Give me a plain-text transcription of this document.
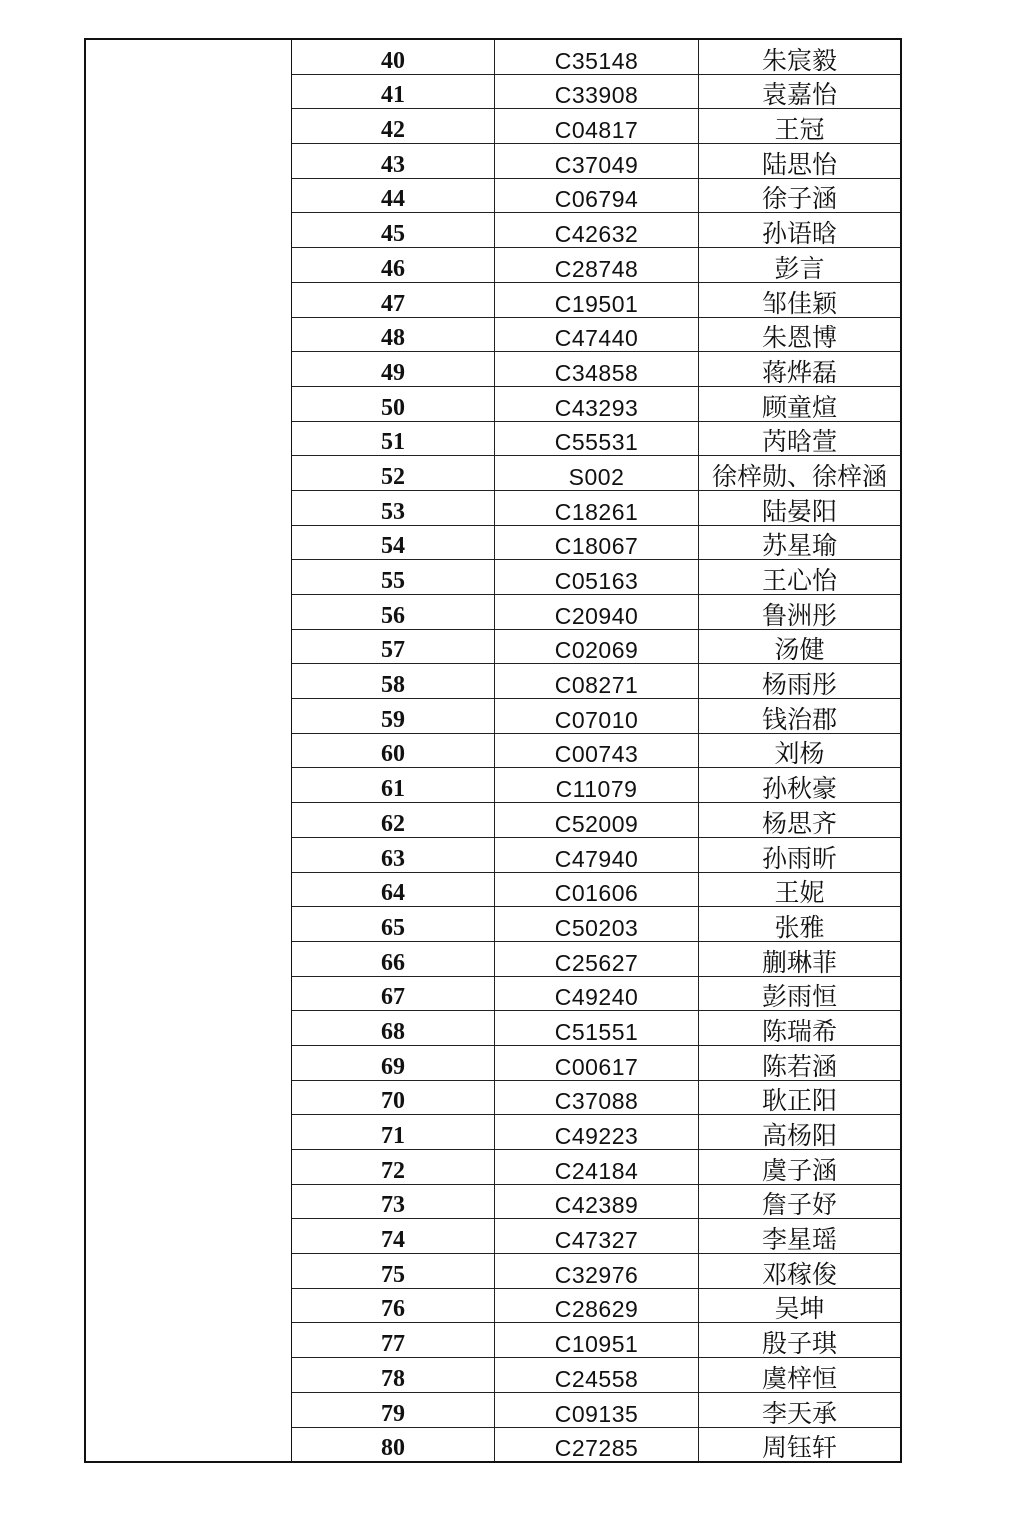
40	C35148	朱宸毅
41	C33908	袁嘉怡
42	C04817	王冠
43	C37049	陆思怡
44	C06794	徐子涵
45	C42632	孙语晗
46	C28748	彭言
47	C19501	邹佳颖
48	C47440	朱恩博
49	C34858	蒋烨磊
50	C43293	顾童煊
51	C55531	芮晗萱
52	S002	徐梓勋、徐梓涵
53	C18261	陆晏阳
54	C18067	苏星瑜
55	C05163	王心怡
56	C20940	鲁洲彤
57	C02069	汤健
58	C08271	杨雨彤
59	C07010	钱治郡
60	C00743	刘杨
61	C11079	孙秋豪
62	C52009	杨思齐
63	C47940	孙雨昕
64	C01606	王妮
65	C50203	张雅
66	C25627	蒯琳菲
67	C49240	彭雨恒
68	C51551	陈瑞希
69	C00617	陈若涵
70	C37088	耿正阳
71	C49223	高杨阳
72	C24184	虞子涵
73	C42389	詹子妤
74	C47327	李星瑶
75	C32976	邓稼俊
76	C28629	吴坤
77	C10951	殷子琪
78	C24558	虞梓恒
79	C09135	李天承
80	C27285	周钰轩
